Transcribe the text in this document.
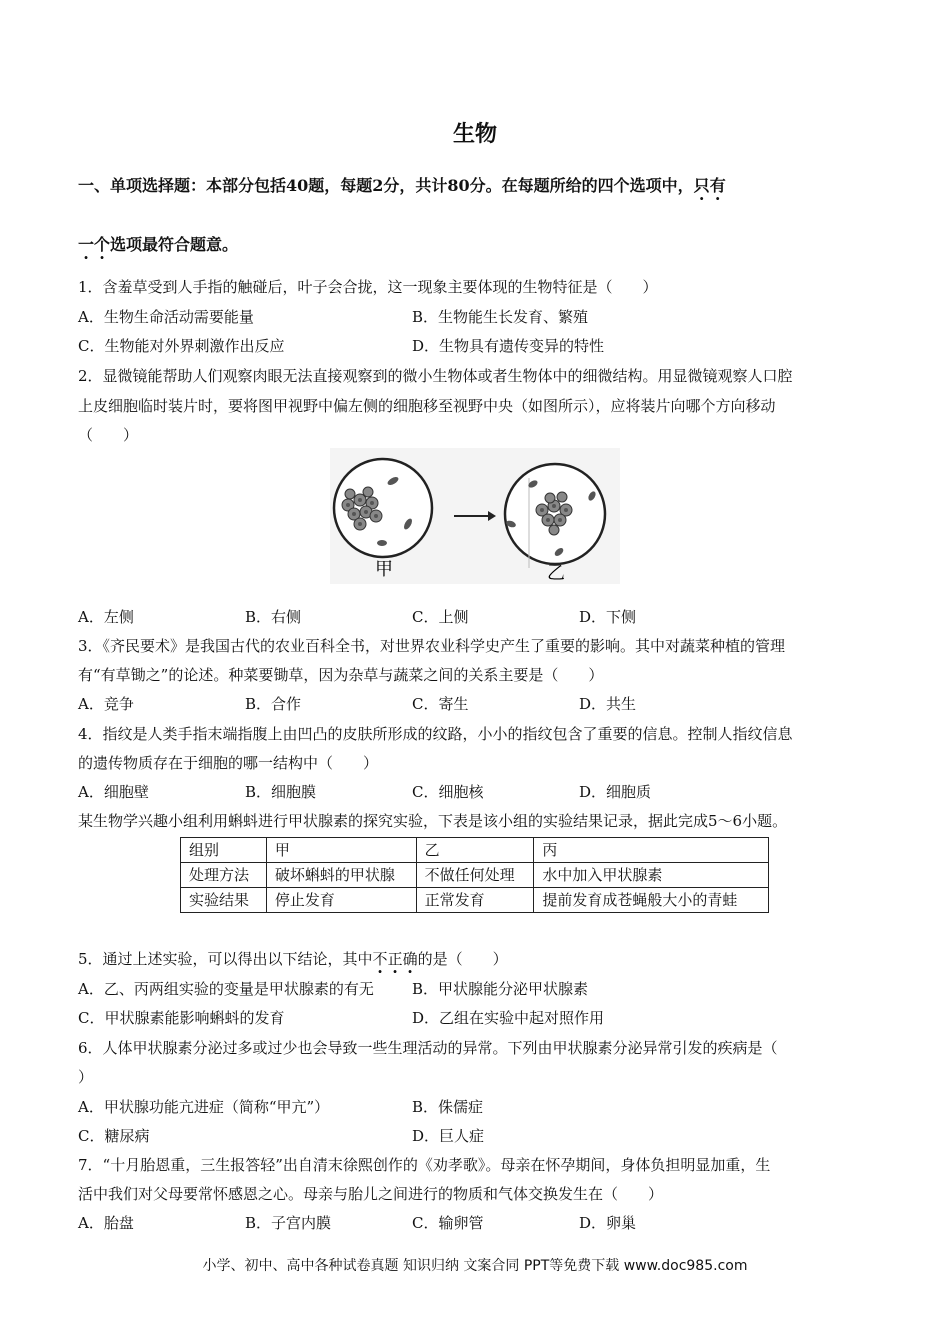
生物
一、单项选择题：本部分包括40题，每题2分，共计80分。在每题所给的四个选项中，只有
一个选项最符合题意。
1．含羞草受到人手指的触碰后，叶子会合拢，这一现象主要体现的生物特征是（　　）
A．生物生命活动需要能量	B．生物能生长发育、繁殖
C．生物能对外界刺激作出反应	D．生物具有遗传变异的特性
2．显微镜能帮助人们观察肉眼无法直接观察到的微小生物体或者生物体中的细微结构。用显微镜观察人口腔
上皮细胞临时装片时，要将图甲视野中偏左侧的细胞移至视野中央（如图所示），应将装片向哪个方向移动
（　　）
甲	乙
A．左侧	B．右侧	C．上侧	D．下侧
3．《齐民要术》是我国古代的农业百科全书，对世界农业科学史产生了重要的影响。其中对蔬菜种植的管理
有“有草锄之”的论述。种菜要锄草，因为杂草与蔬菜之间的关系主要是（　　）
A．竞争	B．合作	C．寄生	D．共生
4．指纹是人类手指末端指腹上由凹凸的皮肤所形成的纹路，小小的指纹包含了重要的信息。控制人指纹信息
的遗传物质存在于细胞的哪一结构中（　　）
A．细胞壁	B．细胞膜	C．细胞核	D．细胞质
某生物学兴趣小组利用蝌蚪进行甲状腺素的探究实验，下表是该小组的实验结果记录，据此完成5～6小题。
组别	甲	乙	丙
处理方法	破坏蝌蚪的甲状腺	不做任何处理	水中加入甲状腺素
实验结果	停止发育	正常发育	提前发育成苍蝇般大小的青蛙
5．通过上述实验，可以得出以下结论，其中不正确的是（　　）
A．乙、丙两组实验的变量是甲状腺素的有无	B．甲状腺能分泌甲状腺素
C．甲状腺素能影响蝌蚪的发育	D．乙组在实验中起对照作用
6．人体甲状腺素分泌过多或过少也会导致一些生理活动的异常。下列由甲状腺素分泌异常引发的疾病是（
）
A．甲状腺功能亢进症（简称“甲亢”）	B．侏儒症
C．糖尿病	D．巨人症
7．“十月胎恩重，三生报答轻”出自清末徐熙创作的《劝孝歌》。母亲在怀孕期间，身体负担明显加重，生
活中我们对父母要常怀感恩之心。母亲与胎儿之间进行的物质和气体交换发生在（　　）
A．胎盘	B．子宫内膜	C．输卵管	D．卵巢
小学、初中、高中各种试卷真题 知识归纳 文案合同 PPT等免费下载 www.doc985.com
